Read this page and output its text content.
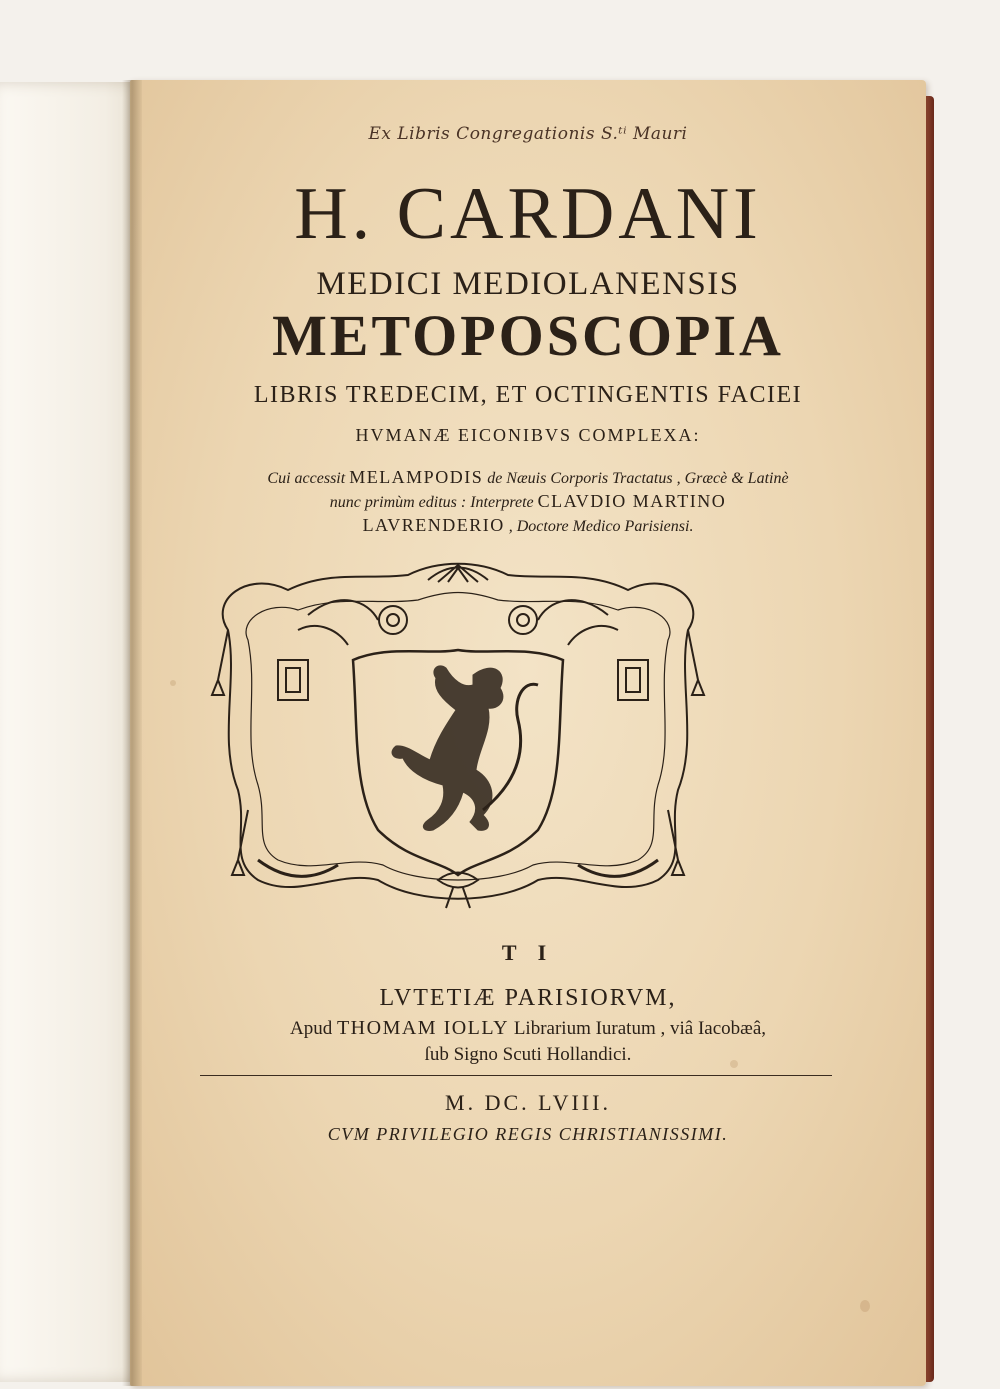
Ex Libris Congregationis S.ᵗⁱ Mauri
H. CARDANI
MEDICI MEDIOLANENSIS
METOPOSCOPIA
LIBRIS TREDECIM, ET OCTINGENTIS FACIEI
HVMANÆ EICONIBVS COMPLEXA:
Cui accessit MELAMPODIS de Næuis Corporis Tractatus , Græcè & Latinè
nunc primùm editus : Interprete CLAVDIO MARTINO
LAVRENDERIO , Doctore Medico Parisiensi.
T I
LVTETIÆ PARISIORVM,
Apud THOMAM IOLLY Librarium Iuratum , viâ Iacobæâ,
ſub Signo Scuti Hollandici.
M. DC. LVIII.
CVM PRIVILEGIO REGIS CHRISTIANISSIMI.
